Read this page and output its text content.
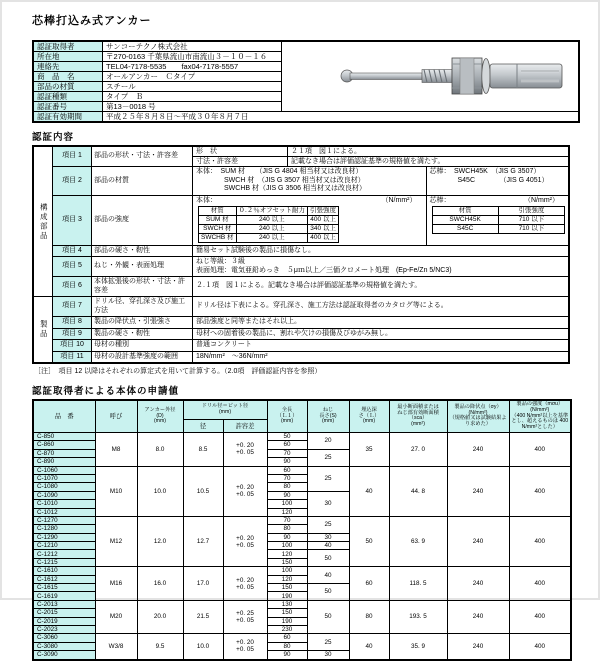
芯棒打込み式アンカー
認証取得者	サンコーテクノ株式会社	
所在地	〒270-0163 千葉県流山市南流山３－１０－１６	
連絡先	TEL04-7178-5535　　fax04-7178-5557	
商　品　名	オールアンカー　Ｃタイプ	
部品の材質	スチール	
認証種類	タイプ　Ｂ	
認証番号	第13－0018 号	
認証有効期間	平成２５年８月８日～平成３０年８月７日	
認証内容
構成部品	項目 1	部品の形状・寸法・許容差	
形　状	２１項　図１による。
寸法・許容差	記載なき場合は評価認証基準の規格値を満たす。

項目 2	部品の材質	
本体：　SUM 材　　（JIS G 4804 相当材又は改良材）
　　　　SWCH 材　（JIS G 3507 相当材又は改良材）
　　　　SWCHB 材（JIS G 3506 相当材又は改良材）
芯棒：　SWCH45K　（JIS G 3507）
　　　　S45C　　　　（JIS G 4051）

項目 3	部品の強度	
本体：	（N/mm²）
材質	０.２％オフセット耐力	引張強度
SUM 材	240 以上	400 以上
SWCH 材	240 以上	340 以上
SWCHB 材	240 以上	400 以上
芯棒：	（N/mm²）
材質	引張強度
SWCH45K	710 以下
S45C	710 以下

項目 4	部品の硬さ・靭性	簡易セット試験後の製品に損傷なし。
項目 5	ねじ・外観・表面処理	
ねじ等級：３級
表面処理：電気亜鉛めっき　５μｍ以上／三価クロメート処理　(Ep-Fe/Zn 5/NC3)

項目 6	本体拡張後の形状・寸法・許容差	２.１項　図１による。記載なき場合は評価認証基準の規格値を満たす。
製品	項目 7	ドリル径、穿孔深さ及び施工方法	ドリル径は下表による。穿孔深さ、施工方法は認証取得者のカタログ等による。
項目 8	製品の降伏点・引張強さ	部品強度と同等またはそれ以上。
項目 9	製品の硬さ・靭性	母材への固着後の製品に、割れや欠けの損傷及びゆがみ無し。
項目 10	母材の種別	普通コンクリート
項目 11	母材の設計基準強度の範囲	18N/mm²　～36N/mm²
［注］　項目 12 以降はそれぞれの算定式を用いて計算する。（2.0項　評価認証内容を参照）
認証取得者による本体の申請値
品　番	呼び	アンカー外径
(D)
(mm)	ドリル径＝ビット径
(mm)		全長
（Ｌ１）
(mm)	ねじ
長さ(S)
(mm)	埋込深
さ（Ｌ）
(mm)	最小断面積または
ねじ部有効断面積（sca）
(mm²)	製品の降伏点（σy）
(N/mm²)
（規格値又は試験結果より求めた）	製品の強度（mσu）
(N/mm²)
（400 N/mm²以上を基準とし、超えるものは 400 N/mm²とした）

			径	許容差						
C-850	M8	8.0	8.5	+0. 20
+0. 05	50	20	35	27. 0	240	400
C-860					60					
C-870					70	25				
C-890					90					
C-1060	M10	10.0	10.5	+0. 20
+0. 05	60	25	40	44. 8	240	400
C-1070					70					
C-1080					80					
C-1090					90	30				
C-1010					100					
C-1012					120					
C-1270	M12	12.0	12.7	+0. 20
+0. 05	70	25	50	63. 9	240	400
C-1280					80					
C-1290					90	30				
C-1210					100	40				
C-1212					120	50				
C-1215					150					
C-1610	M16	16.0	17.0	+0. 20
+0. 05	100	40	60	118. 5	240	400
C-1612					120					
C-1615					150	50				
C-1619					190					
C-2013	M20	20.0	21.5	+0. 25
+0. 05	130	50	80	193. 5	240	400
C-2015					150					
C-2019					190					
C-2023					230					
C-3060	W3/8	9.5	10.0	+0. 20
+0. 05	60	25	40	35. 9	240	400
C-3080					80					
C-3090					90	30				
